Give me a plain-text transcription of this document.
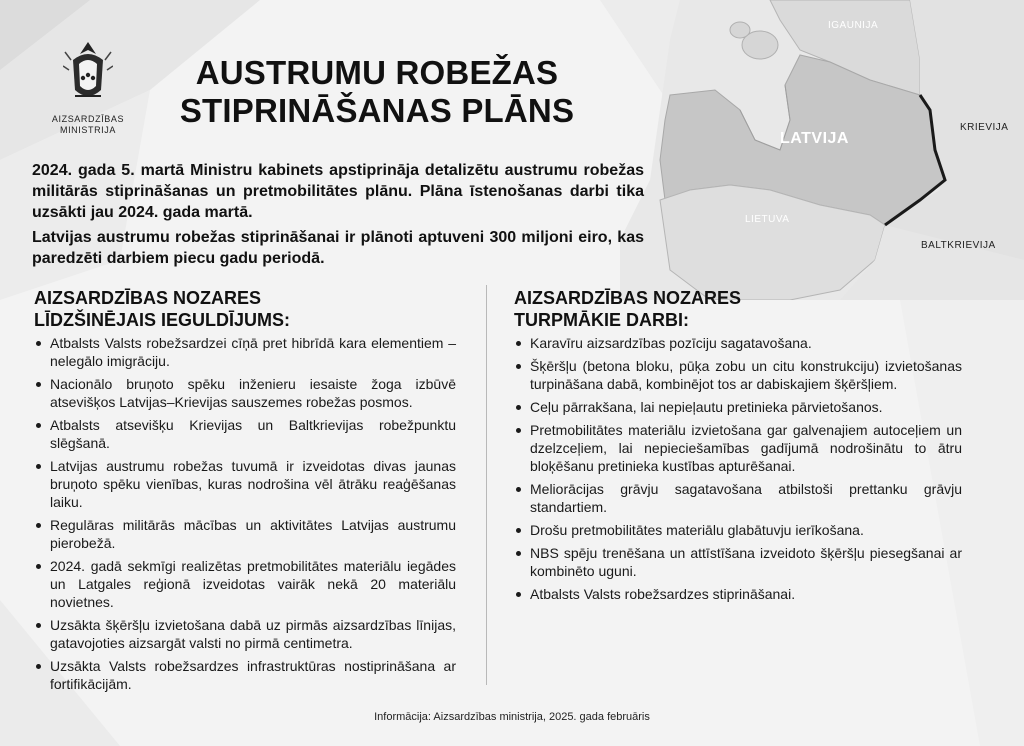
AIZSARDZĪBAS
MINISTRIJA
AUSTRUMU ROBEŽAS
STIPRINĀŠANAS PLĀNS
IGAUNIJA
LATVIJA
KRIEVIJA
LIETUVA
BALTKRIEVIJA

2024. gada 5. martā Ministru kabinets apstiprināja detalizētu austrumu robežas militārās stiprināšanas un pretmobilitātes plānu. Plāna īstenošanas darbi tika uzsākti jau 2024. gada martā.

Latvijas austrumu robežas stiprināšanai ir plānoti aptuveni 300 miljoni eiro, kas paredzēti darbiem piecu gadu periodā.

AIZSARDZĪBAS NOZARES
LĪDZŠINĒJAIS IEGULDĪJUMS:
Atbalsts Valsts robežsardzei cīņā pret hibrīdā kara elementiem – nelegālo imigrāciju.
Nacionālo bruņoto spēku inženieru iesaiste žoga izbūvē atsevišķos Latvijas–Krievijas sauszemes robežas posmos.
Atbalsts atsevišķu Krievijas un Baltkrievijas robežpunktu slēgšanā.
Latvijas austrumu robežas tuvumā ir izveidotas divas jaunas bruņoto spēku vienības, kuras nodrošina vēl ātrāku reaģēšanas laiku.
Regulāras militārās mācības un aktivitātes Latvijas austrumu pierobežā.
2024. gadā sekmīgi realizētas pretmobilitātes materiālu iegādes un Latgales reģionā izveidotas vairāk nekā 20 materiālu novietnes.
Uzsākta šķēršļu izvietošana dabā uz pirmās aizsardzības līnijas, gatavojoties aizsargāt valsti no pirmā centimetra.
Uzsākta Valsts robežsardzes infrastruktūras nostiprināšana ar fortifikācijām.
AIZSARDZĪBAS NOZARES
TURPMĀKIE DARBI:
Karavīru aizsardzības pozīciju sagatavošana.
Šķēršļu (betona bloku, pūķa zobu un citu konstrukciju) izvietošanas turpināšana dabā, kombinējot tos ar dabiskajiem šķēršļiem.
Ceļu pārrakšana, lai nepieļautu pretinieka pārvietošanos.
Pretmobilitātes materiālu izvietošana gar galvenajiem autoceļiem un dzelzceļiem, lai nepieciešamības gadījumā nodrošinātu to ātru bloķēšanu pretinieka kustības apturēšanai.
Meliorācijas grāvju sagatavošana atbilstoši prettanku grāvju standartiem.
Drošu pretmobilitātes materiālu glabātuvju ierīkošana.
NBS spēju trenēšana un attīstīšana izveidoto šķēršļu piesegšanai ar kombinēto uguni.
Atbalsts Valsts robežsardzes stiprināšanai.
Informācija: Aizsardzības ministrija, 2025. gada februāris
